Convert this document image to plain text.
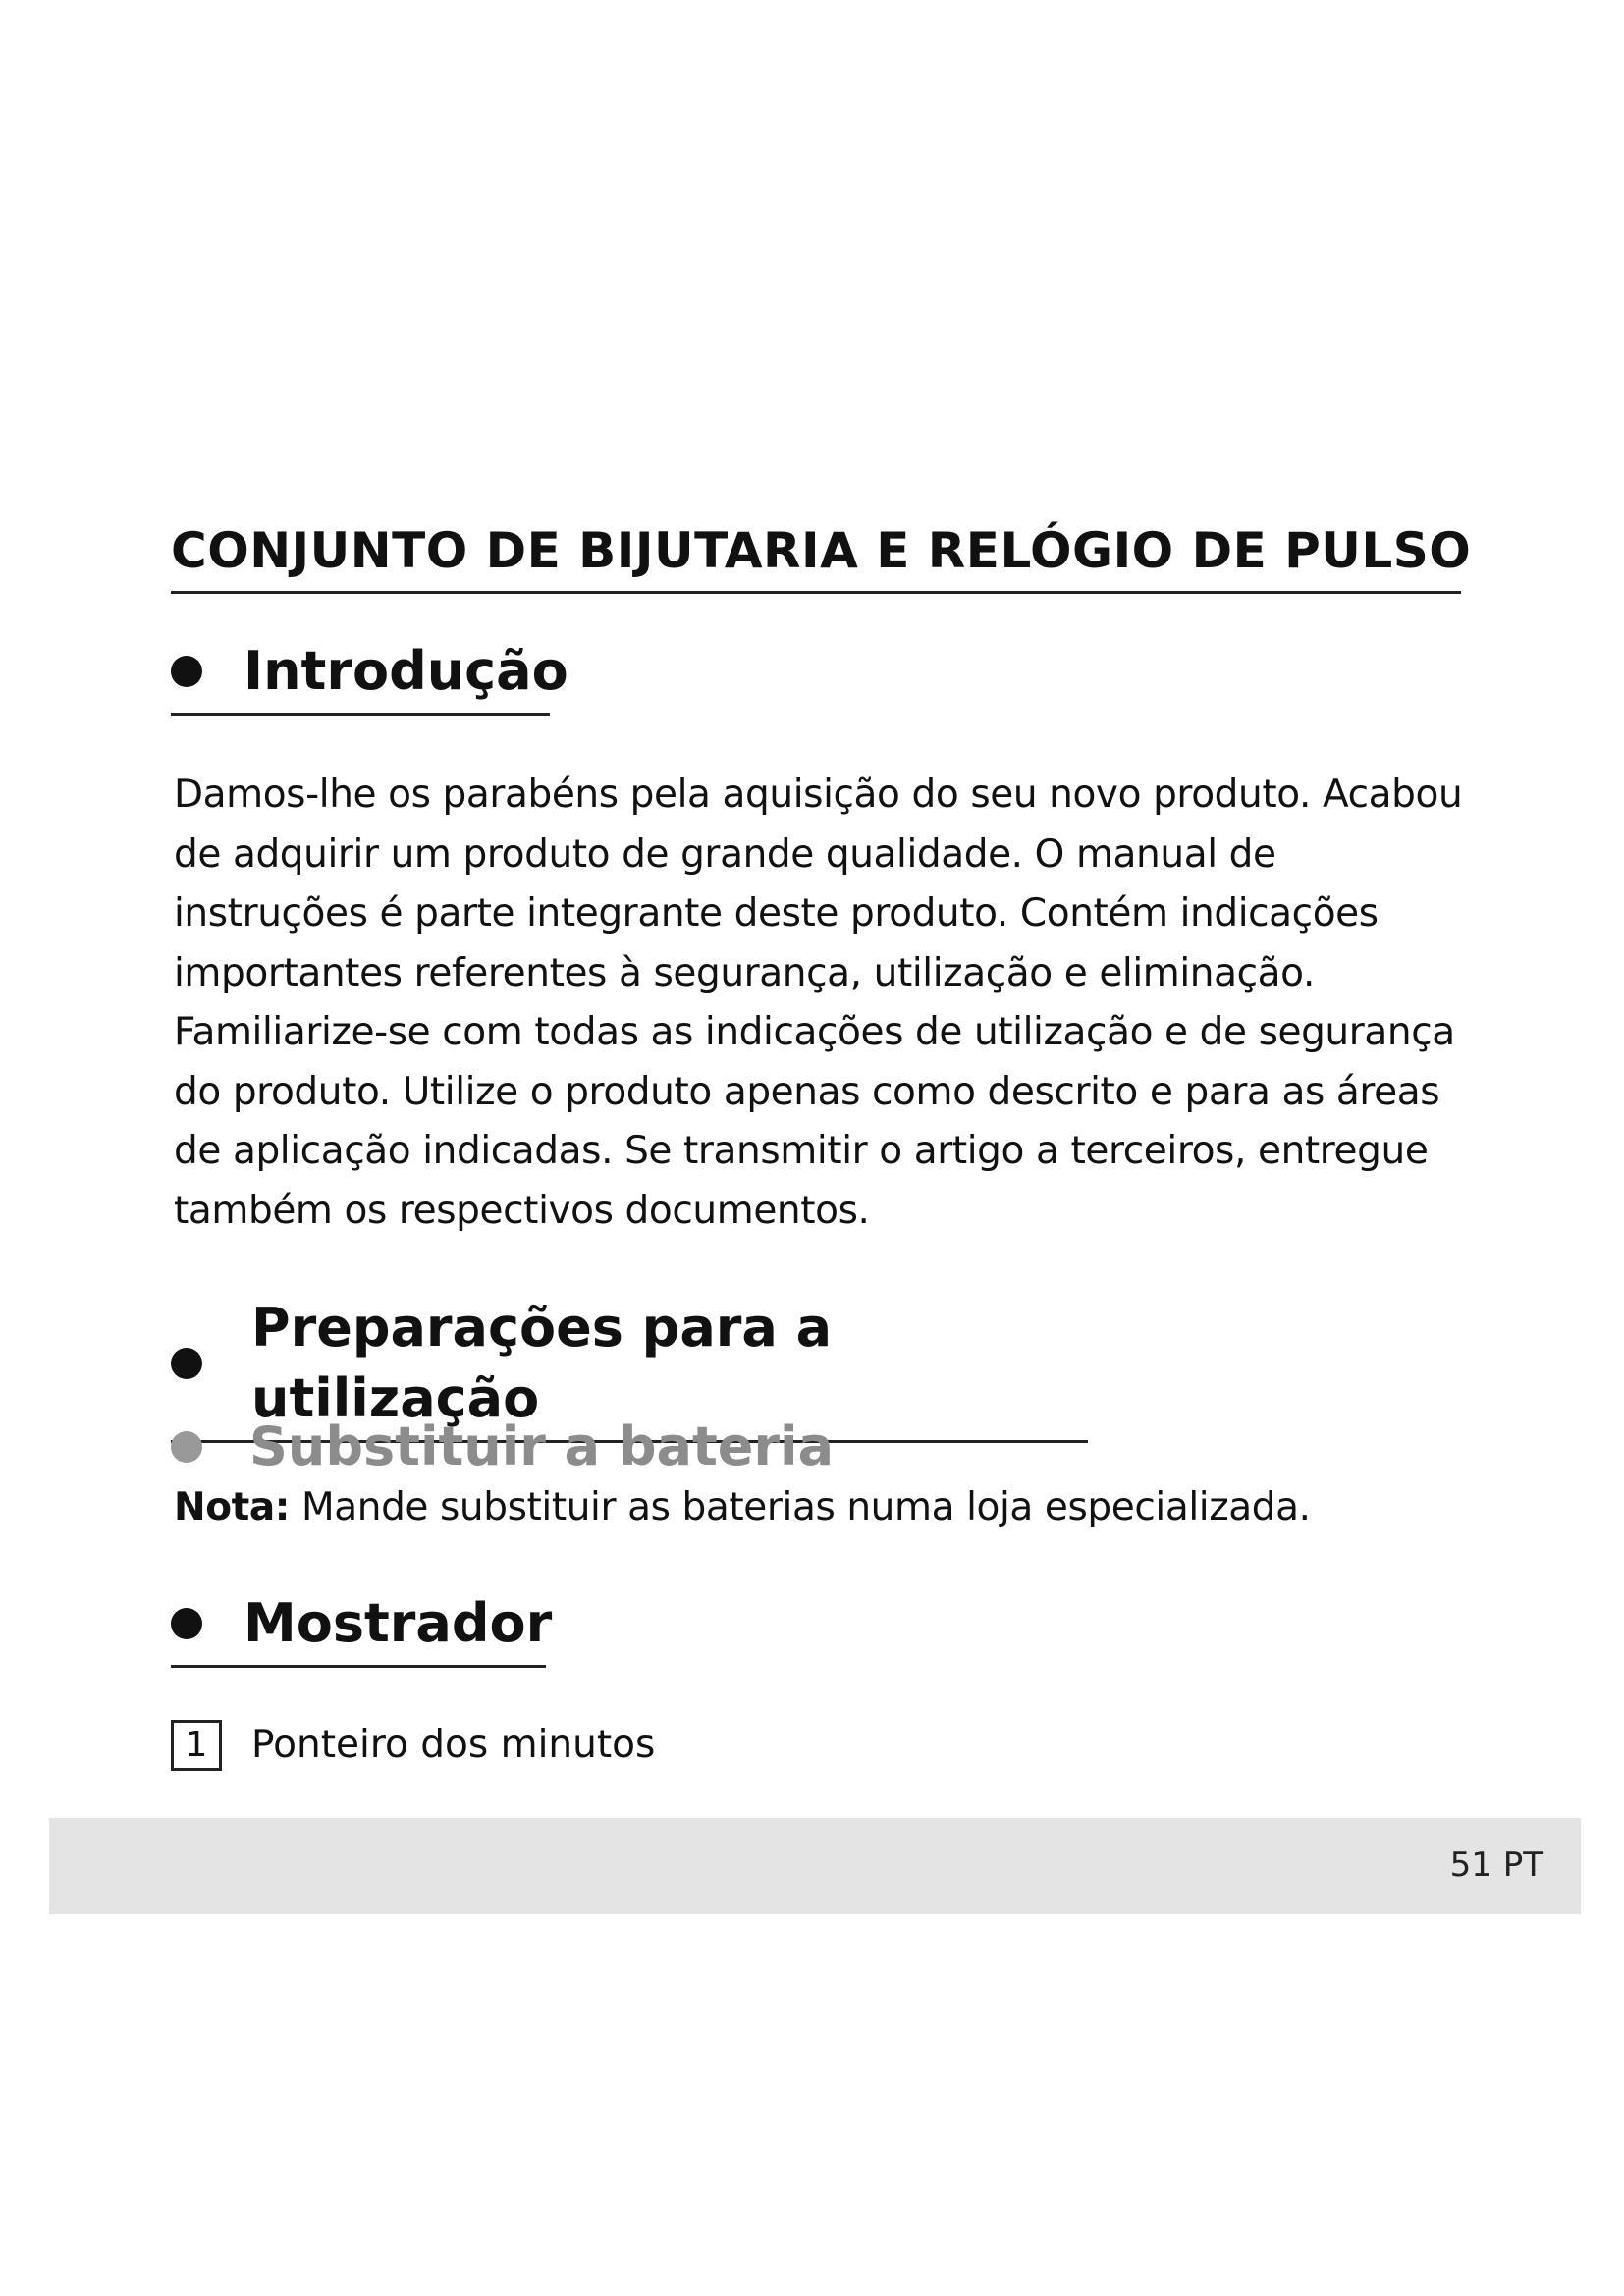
CONJUNTO DE BIJUTARIA E RELÓGIO DE PULSO
Introdução

Damos-lhe os parabéns pela aquisição do seu novo produto. Acabou
de adquirir um produto de grande qualidade. O manual de
instruções é parte integrante deste produto. Contém indicações
importantes referentes à segurança, utilização e eliminação.
Familiarize-se com todas as indicações de utilização e de segurança
do produto. Utilize o produto apenas como descrito e para as áreas
de aplicação indicadas. Se transmitir o artigo a terceiros, entregue
também os respectivos documentos.

Preparações para a utilização
Substituir a bateria

Nota: Mande substituir as baterias numa loja especializada.

Mostrador
1	Ponteiro dos minutos
51 PT
